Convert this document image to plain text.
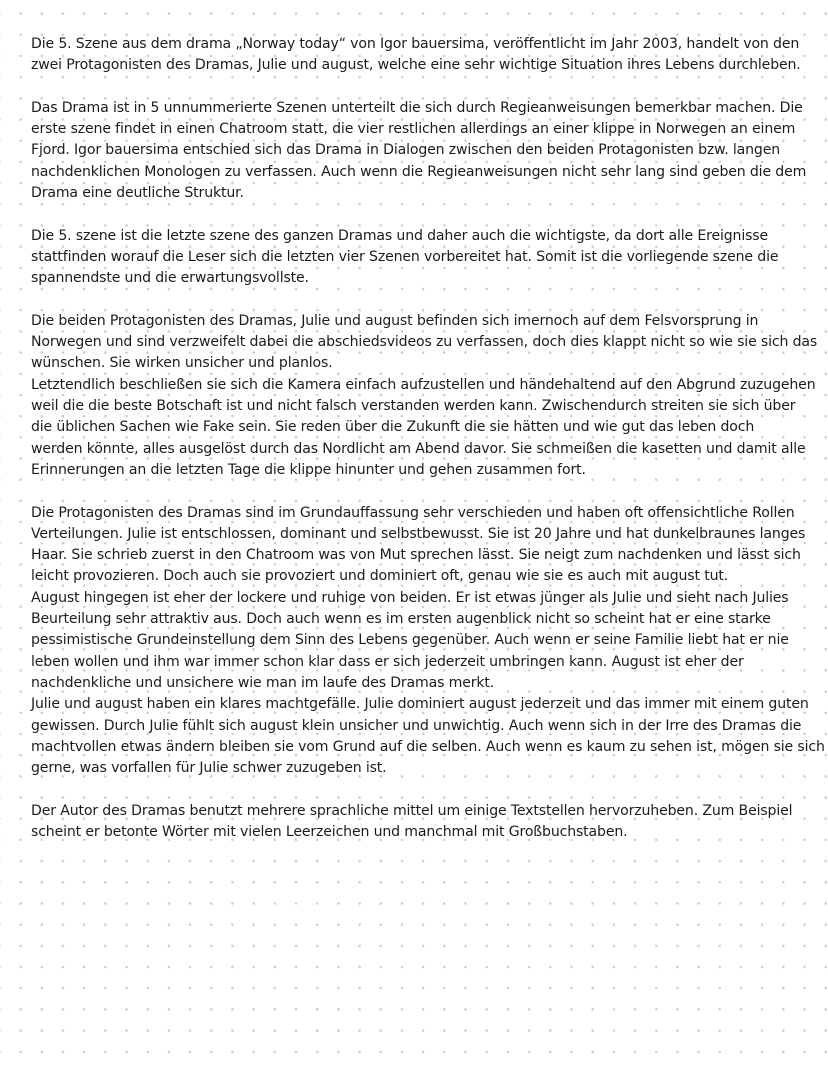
Die 5. Szene aus dem drama „Norway today“ von Igor bauersima, veröffentlicht im Jahr 2003, handelt von den
zwei Protagonisten des Dramas, Julie und august, welche eine sehr wichtige Situation ihres Lebens durchleben.
Das Drama ist in 5 unnummerierte Szenen unterteilt die sich durch Regieanweisungen bemerkbar machen. Die
erste szene findet in einen Chatroom statt, die vier restlichen allerdings an einer klippe in Norwegen an einem
Fjord. Igor bauersima entschied sich das Drama in Dialogen zwischen den beiden Protagonisten bzw. langen
nachdenklichen Monologen zu verfassen. Auch wenn die Regieanweisungen nicht sehr lang sind geben die dem
Drama eine deutliche Struktur.
Die 5. szene ist die letzte szene des ganzen Dramas und daher auch die wichtigste, da dort alle Ereignisse
stattfinden worauf die Leser sich die letzten vier Szenen vorbereitet hat. Somit ist die vorliegende szene die
spannendste und die erwartungsvollste.
Die beiden Protagonisten des Dramas, Julie und august befinden sich imernoch auf dem Felsvorsprung in
Norwegen und sind verzweifelt dabei die abschiedsvideos zu verfassen, doch dies klappt nicht so wie sie sich das
wünschen. Sie wirken unsicher und planlos.
Letztendlich beschließen sie sich die Kamera einfach aufzustellen und händehaltend auf den Abgrund zuzugehen
weil die die beste Botschaft ist und nicht falsch verstanden werden kann. Zwischendurch streiten sie sich über
die üblichen Sachen wie Fake sein. Sie reden über die Zukunft die sie hätten und wie gut das leben doch
werden könnte, alles ausgelöst durch das Nordlicht am Abend davor. Sie schmeißen die kasetten und damit alle
Erinnerungen an die letzten Tage die klippe hinunter und gehen zusammen fort.
Die Protagonisten des Dramas sind im Grundauffassung sehr verschieden und haben oft offensichtliche Rollen
Verteilungen. Julie ist entschlossen, dominant und selbstbewusst. Sie ist 20 Jahre und hat dunkelbraunes langes
Haar. Sie schrieb zuerst in den Chatroom was von Mut sprechen lässt. Sie neigt zum nachdenken und lässt sich
leicht provozieren. Doch auch sie provoziert und dominiert oft, genau wie sie es auch mit august tut.
August hingegen ist eher der lockere und ruhige von beiden. Er ist etwas jünger als Julie und sieht nach Julies
Beurteilung sehr attraktiv aus. Doch auch wenn es im ersten augenblick nicht so scheint hat er eine starke
pessimistische Grundeinstellung dem Sinn des Lebens gegenüber. Auch wenn er seine Familie liebt hat er nie
leben wollen und ihm war immer schon klar dass er sich jederzeit umbringen kann. August ist eher der
nachdenkliche und unsichere wie man im laufe des Dramas merkt.
Julie und august haben ein klares machtgefälle. Julie dominiert august jederzeit und das immer mit einem guten
gewissen. Durch Julie fühlt sich august klein unsicher und unwichtig. Auch wenn sich in der Irre des Dramas die
machtvollen etwas ändern bleiben sie vom Grund auf die selben. Auch wenn es kaum zu sehen ist, mögen sie sich
gerne, was vorfallen für Julie schwer zuzugeben ist.
Der Autor des Dramas benutzt mehrere sprachliche mittel um einige Textstellen hervorzuheben. Zum Beispiel
scheint er betonte Wörter mit vielen Leerzeichen und manchmal mit Großbuchstaben.
